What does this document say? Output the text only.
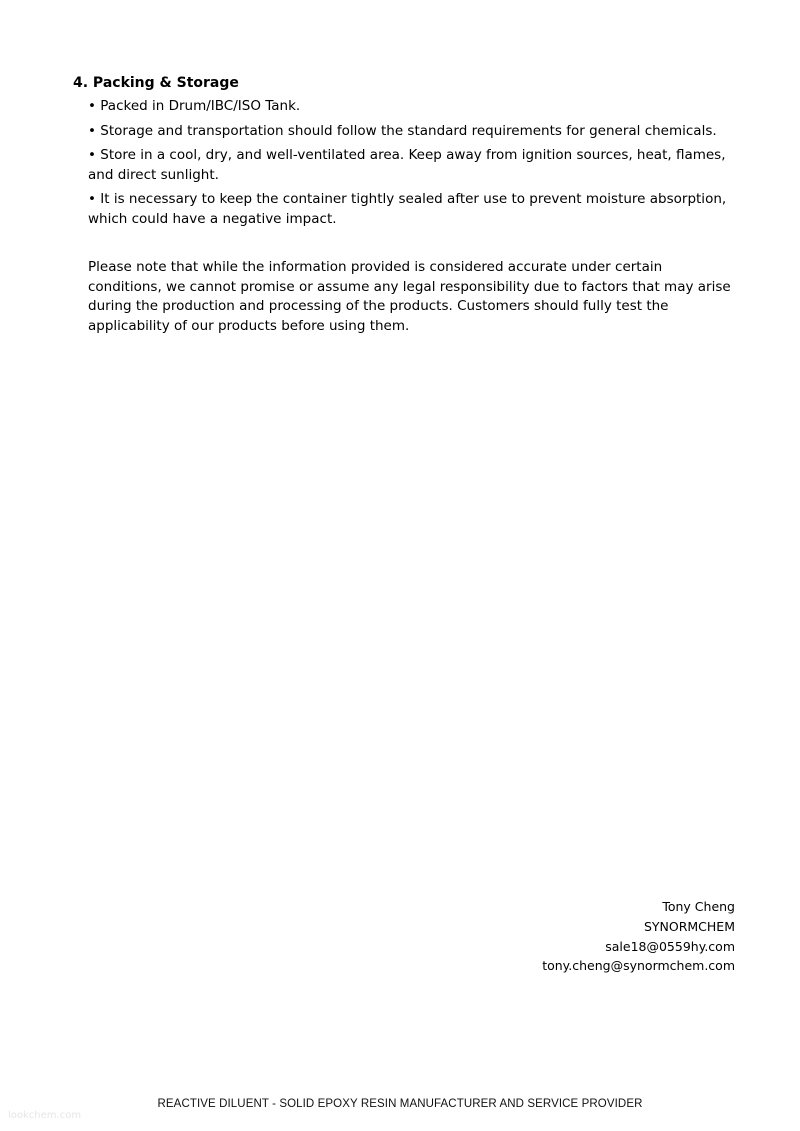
4. Packing & Storage
• Packed in Drum/IBC/ISO Tank.
• Storage and transportation should follow the standard requirements for general chemicals.
• Store in a cool, dry, and well-ventilated area. Keep away from ignition sources, heat, flames, and direct sunlight.
• It is necessary to keep the container tightly sealed after use to prevent moisture absorption, which could have a negative impact.

Please note that while the information provided is considered accurate under certain conditions, we cannot promise or assume any legal responsibility due to factors that may arise during the production and processing of the products. Customers should fully test the applicability of our products before using them.

Tony Cheng
SYNORMCHEM
sale18@0559hy.com
tony.cheng@synormchem.com
REACTIVE DILUENT - SOLID EPOXY RESIN MANUFACTURER AND SERVICE PROVIDER
lookchem.com
